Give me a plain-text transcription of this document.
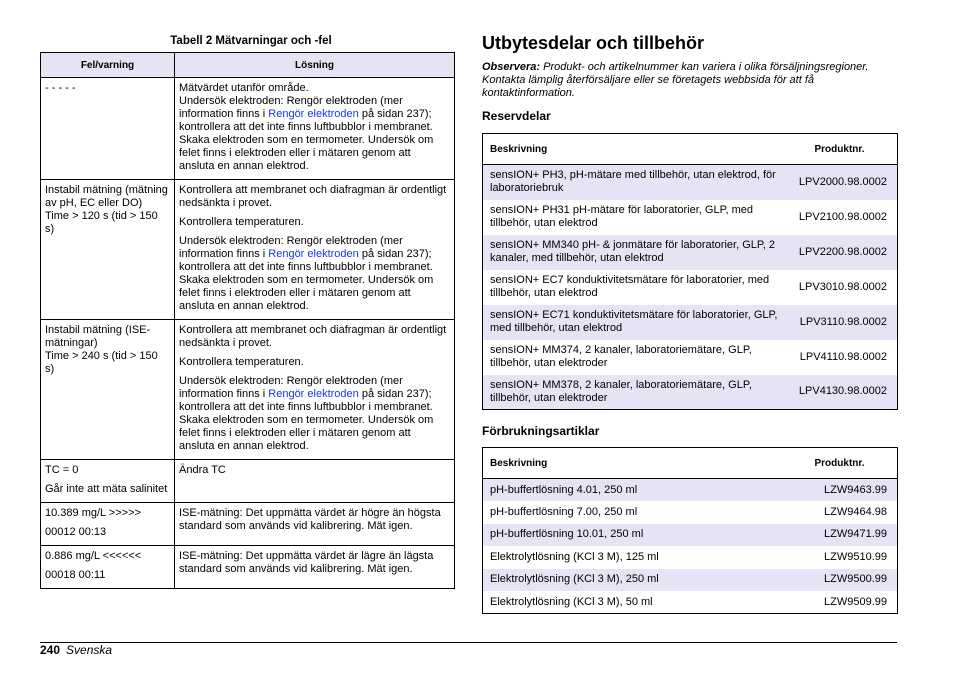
Tabell 2 Mätvarningar och -fel
Fel/varning	Lösning

- - - - -	Mätvärdet utanför område.
Undersök elektroden: Rengör elektroden (mer information finns i Rengör elektroden på sidan 237); kontrollera att det inte finns luftbubblor i membranet. Skaka elektroden som en termometer. Undersök om felet finns i elektroden eller i mätaren genom att ansluta en annan elektrod.

Instabil mätning (mätning av pH, EC eller DO)
Time > 120 s (tid > 150 s)	Kontrollera att membranet och diafragman är ordentligt nedsänkta i provet.
Kontrollera temperaturen.
Undersök elektroden: Rengör elektroden (mer information finns i Rengör elektroden på sidan 237); kontrollera att det inte finns luftbubblor i membranet. Skaka elektroden som en termometer. Undersök om felet finns i elektroden eller i mätaren genom att ansluta en annan elektrod.

Instabil mätning (ISE-mätningar)
Time > 240 s (tid > 150 s)	Kontrollera att membranet och diafragman är ordentligt nedsänkta i provet.
Kontrollera temperaturen.
Undersök elektroden: Rengör elektroden (mer information finns i Rengör elektroden på sidan 237); kontrollera att det inte finns luftbubblor i membranet. Skaka elektroden som en termometer. Undersök om felet finns i elektroden eller i mätaren genom att ansluta en annan elektrod.

TC = 0
Går inte att mäta salinitet	Ändra TC

10.389 mg/L >>>>>
00012 00:13	ISE-mätning: Det uppmätta värdet är högre än högsta standard som används vid kalibrering. Mät igen.

0.886 mg/L <<<<<<
00018 00:11	ISE-mätning: Det uppmätta värdet är lägre än lägsta standard som används vid kalibrering. Mät igen.
Utbytesdelar och tillbehör

Observera: Produkt- och artikelnummer kan variera i olika försäljningsregioner. Kontakta lämplig återförsäljare eller se företagets webbsida för att få kontaktinformation.

Reservdelar
Beskrivning	Produktnr.
sensION+ PH3, pH-mätare med tillbehör, utan elektrod, för laboratoriebruk	LPV2000.98.0002
sensION+ PH31 pH-mätare för laboratorier, GLP, med tillbehör, utan elektrod	LPV2100.98.0002
sensION+ MM340 pH- & jonmätare för laboratorier, GLP, 2 kanaler, med tillbehör, utan elektrod	LPV2200.98.0002
sensION+ EC7 konduktivitetsmätare för laboratorier, med tillbehör, utan elektrod	LPV3010.98.0002
sensION+ EC71 konduktivitetsmätare för laboratorier, GLP, med tillbehör, utan elektrod	LPV3110.98.0002
sensION+ MM374, 2 kanaler, laboratoriemätare, GLP, tillbehör, utan elektroder	LPV4110.98.0002
sensION+ MM378, 2 kanaler, laboratoriemätare, GLP, tillbehör, utan elektroder	LPV4130.98.0002
Förbrukningsartiklar
Beskrivning	Produktnr.
pH-buffertlösning 4.01, 250 ml	LZW9463.99
pH-buffertlösning 7.00, 250 ml	LZW9464.98
pH-buffertlösning 10.01, 250 ml	LZW9471.99
Elektrolytlösning (KCl 3 M), 125 ml	LZW9510.99
Elektrolytlösning (KCl 3 M), 250 ml	LZW9500.99
Elektrolytlösning (KCl 3 M), 50 ml	LZW9509.99
240 Svenska
